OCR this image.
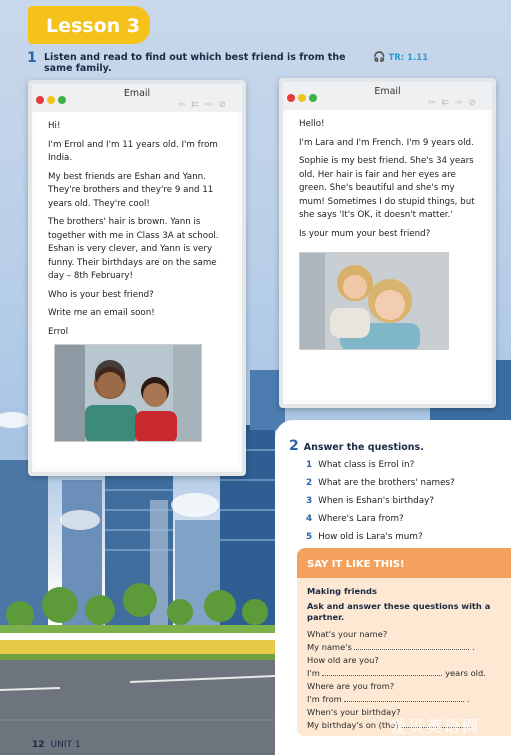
Lesson 3
1 Listen and read to find out which best friend is from the same family.
🎧 TR: 1.11
Email
⇦⇇⇨⊘

Hi!

I'm Errol and I'm 11 years old. I'm from India.

My best friends are Eshan and Yann. They're brothers and they're 9 and 11 years old. They're cool!

The brothers' hair is brown. Yann is together with me in Class 3A at school. Eshan is very clever, and Yann is very funny. Their birthdays are on the same day – 8th February!

Who is your best friend?

Write me an email soon!

Errol

Email
⇦⇇⇨⊘

Hello!

I'm Lara and I'm French. I'm 9 years old.

Sophie is my best friend. She's 34 years old. Her hair is fair and her eyes are green. She's beautiful and she's my mum! Sometimes I do stupid things, but she says 'It's OK, it doesn't matter.'

Is your mum your best friend?

2 Answer the questions.
1 What class is Errol in?
2 What are the brothers' names?
3 When is Eshan's birthday?
4 Where's Lara from?
5 How old is Lara's mum?
SAY IT LIKE THIS!
Making friends
Ask and answer these questions with a partner.
What's your name?
My name's	.
How old are you?
I'm	years old.
Where are you from?
I'm from	.
When's your birthday?
My birthday's on (the)
12 UNIT 1
爱贝英语网
